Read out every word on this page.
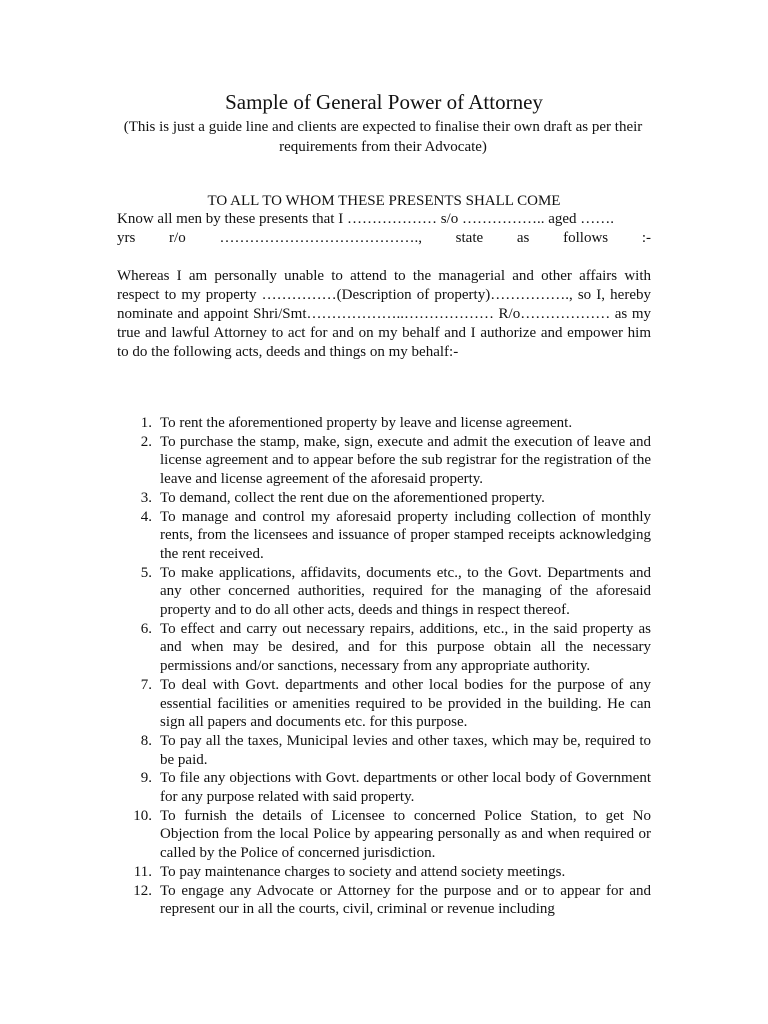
Sample of General Power of Attorney
(This is just a guide line and clients are expected to finalise their own draft as per their requirements from their Advocate)
TO ALL TO WHOM THESE PRESENTS SHALL COME
Know all men by these presents that I ……………… s/o …………….. aged …….
yrs r/o …………………………………., state as follows :-
Whereas I am personally unable to attend to the managerial and other affairs with respect to my property ……………(Description of property)……………., so I, hereby nominate and appoint Shri/Smt………………..……………… R/o……………… as my true and lawful Attorney to act for and on my behalf and I authorize and empower him to do the following acts, deeds and things on my behalf:-
1. To rent the aforementioned property by leave and license agreement.
2. To purchase the stamp, make, sign, execute and admit the execution of leave and license agreement and to appear before the sub registrar for the registration of the leave and license agreement of the aforesaid property.
3. To demand, collect the rent due on the aforementioned property.
4. To manage and control my aforesaid property including collection of monthly rents, from the licensees and issuance of proper stamped receipts acknowledging the rent received.
5. To make applications, affidavits, documents etc., to the Govt. Departments and any other concerned authorities, required for the managing of the aforesaid property and to do all other acts, deeds and things in respect thereof.
6. To effect and carry out necessary repairs, additions, etc., in the said property as and when may be desired, and for this purpose obtain all the necessary permissions and/or sanctions, necessary from any appropriate authority.
7. To deal with Govt. departments and other local bodies for the purpose of any essential facilities or amenities required to be provided in the building. He can sign all papers and documents etc. for this purpose.
8. To pay all the taxes, Municipal levies and other taxes, which may be, required to be paid.
9. To file any objections with Govt. departments or other local body of Government for any purpose related with said property.
10. To furnish the details of Licensee to concerned Police Station, to get No Objection from the local Police by appearing personally as and when required or called by the Police of concerned jurisdiction.
11. To pay maintenance charges to society and attend society meetings.
12. To engage any Advocate or Attorney for the purpose and or to appear for and represent our in all the courts, civil, criminal or revenue including
